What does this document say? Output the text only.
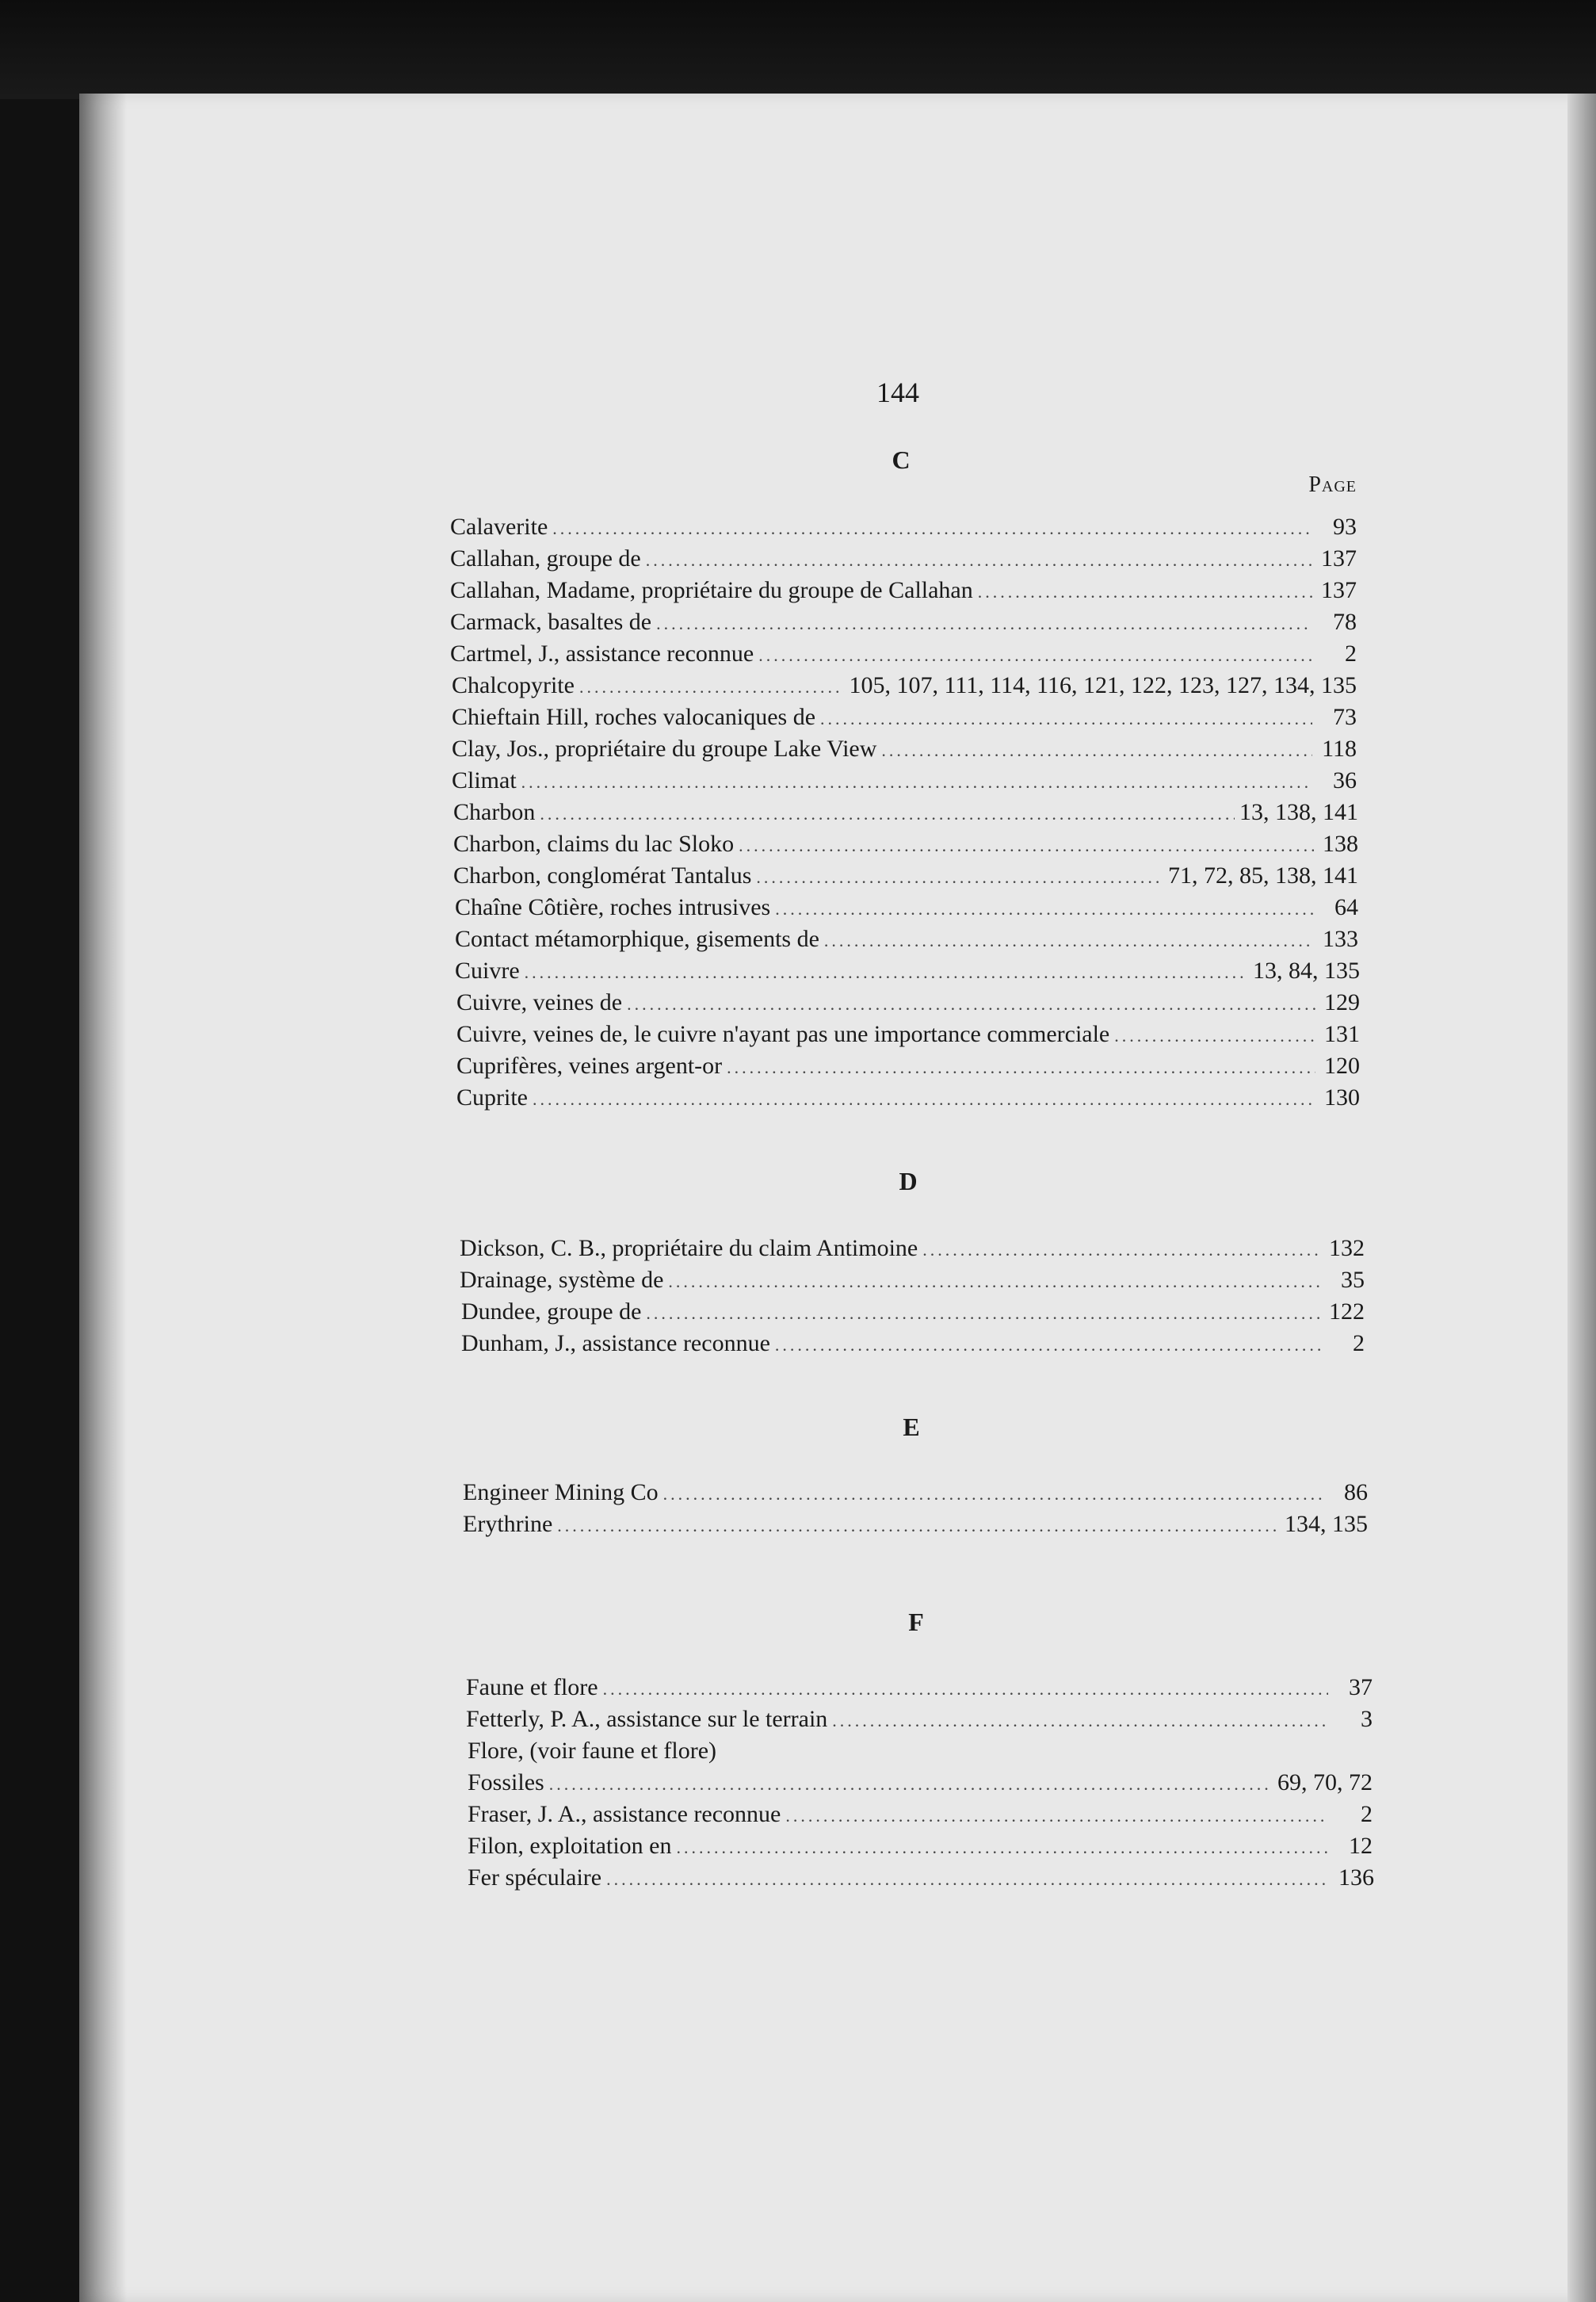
144
C
Page
Calaverite .....	93
Callahan, groupe de .....	137
Callahan, Madame, propriétaire du groupe de Callahan .....	137
Carmack, basaltes de .....	78
Cartmel, J., assistance reconnue .....	2
Chalcopyrite .....	105, 107, 111, 114, 116, 121, 122, 123, 127, 134, 135
Chieftain Hill, roches valocaniques de .....	73
Clay, Jos., propriétaire du groupe Lake View .....	118
Climat .....	36
Charbon .....	13, 138, 141
Charbon, claims du lac Sloko .....	138
Charbon, conglomérat Tantalus .....	71, 72, 85, 138, 141
Chaîne Côtière, roches intrusives .....	64
Contact métamorphique, gisements de .....	133
Cuivre .....	13, 84, 135
Cuivre, veines de .....	129
Cuivre, veines de, le cuivre n'ayant pas une importance commerciale .....	131
Cuprifères, veines argent-or .....	120
Cuprite .....	130
D
Dickson, C. B., propriétaire du claim Antimoine .....	132
Drainage, système de .....	35
Dundee, groupe de .....	122
Dunham, J., assistance reconnue .....	2
E
Engineer Mining Co .....	86
Erythrine .....	134, 135
F
Faune et flore .....	37
Fetterly, P. A., assistance sur le terrain .....	3
Flore, (voir faune et flore)
Fossiles .....	69, 70, 72
Fraser, J. A., assistance reconnue .....	2
Filon, exploitation en .....	12
Fer spéculaire .....	136
